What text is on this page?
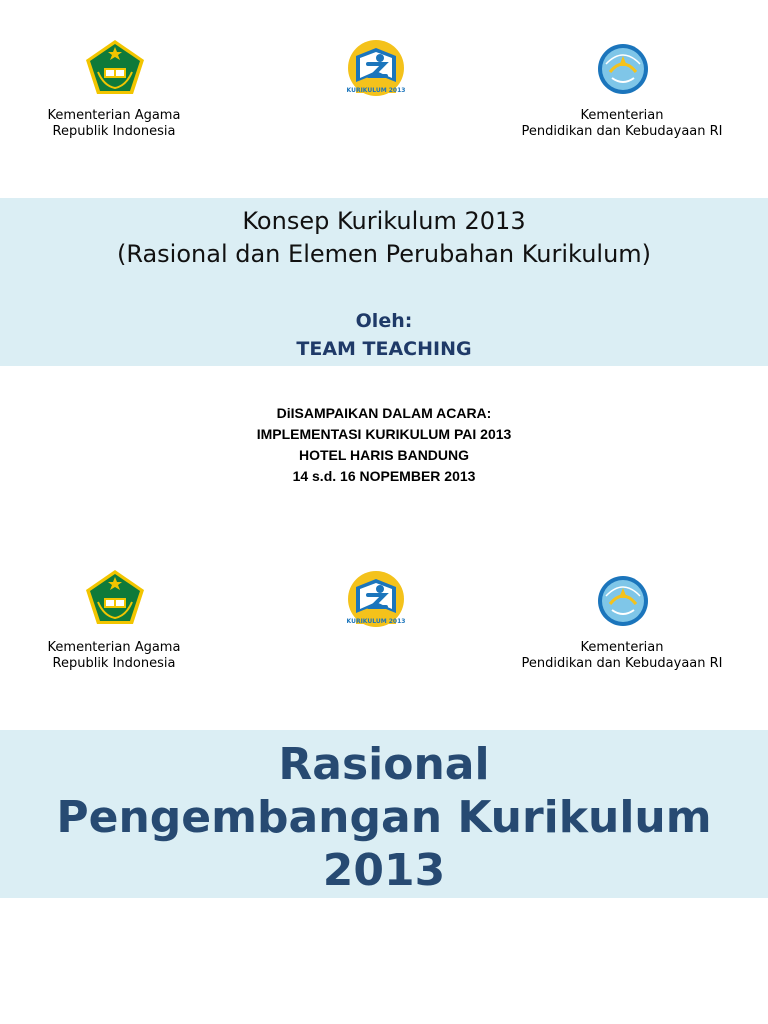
KURIKULUM 2013
Kementerian Agama
Republik Indonesia
Kementerian
Pendidikan dan Kebudayaan RI
Konsep Kurikulum 2013
(Rasional dan Elemen Perubahan Kurikulum)
Oleh:
TEAM TEACHING
DiISAMPAIKAN DALAM ACARA:
IMPLEMENTASI KURIKULUM PAI 2013
HOTEL HARIS BANDUNG
14 s.d. 16 NOPEMBER 2013
KURIKULUM 2013
Kementerian Agama
Republik Indonesia
Kementerian
Pendidikan dan Kebudayaan RI
Rasional
Pengembangan Kurikulum
2013
